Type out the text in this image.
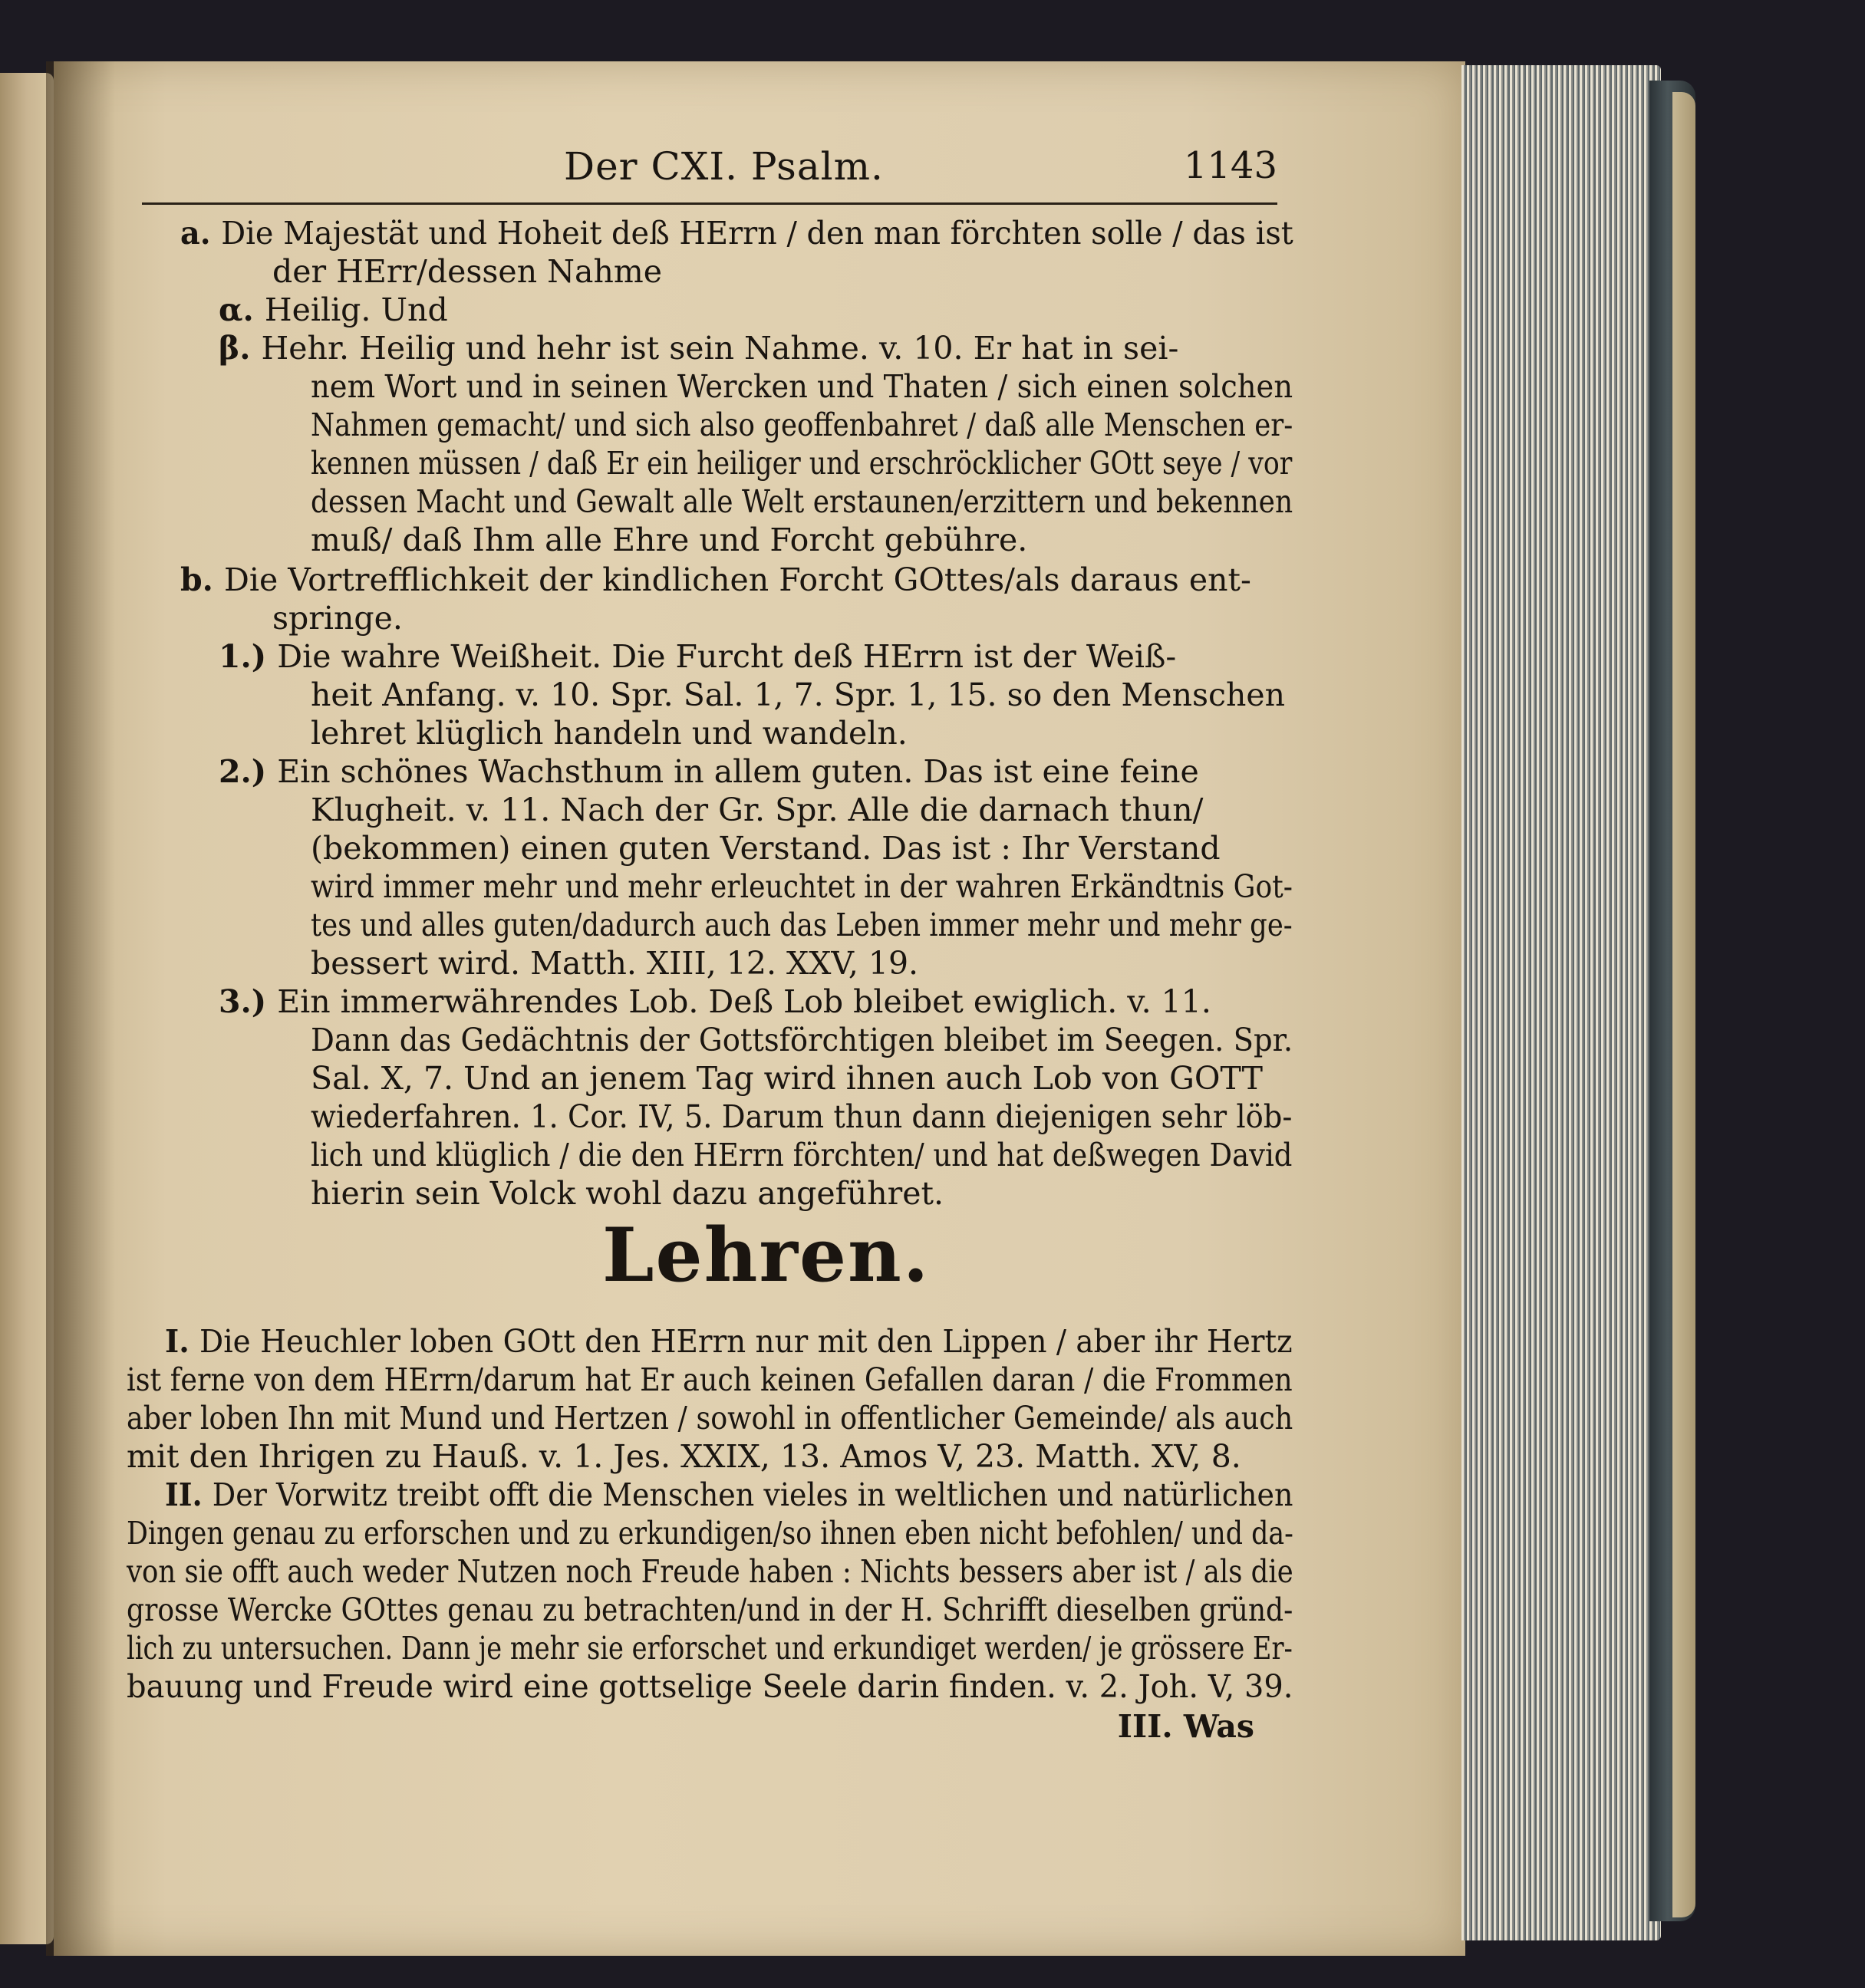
Der CXI. Psalm.	1143
a. Die Majestät und Hoheit deß HErrn / den man förchten solle / das ist
der HErr/dessen Nahme
α. Heilig. Und
β. Hehr. Heilig und hehr ist sein Nahme. v. 10. Er hat in sei-
nem Wort und in seinen Wercken und Thaten / sich einen solchen
Nahmen gemacht/ und sich also geoffenbahret / daß alle Menschen er-
kennen müssen / daß Er ein heiliger und erschröcklicher GOtt seye / vor
dessen Macht und Gewalt alle Welt erstaunen/erzittern und bekennen
muß/ daß Ihm alle Ehre und Forcht gebühre.
b. Die Vortrefflichkeit der kindlichen Forcht GOttes/als daraus ent-
springe.
1.) Die wahre Weißheit. Die Furcht deß HErrn ist der Weiß-
heit Anfang. v. 10. Spr. Sal. 1, 7. Spr. 1, 15. so den Menschen
lehret klüglich handeln und wandeln.
2.) Ein schönes Wachsthum in allem guten. Das ist eine feine
Klugheit. v. 11. Nach der Gr. Spr. Alle die darnach thun/
(bekommen) einen guten Verstand. Das ist : Ihr Verstand
wird immer mehr und mehr erleuchtet in der wahren Erkändtnis Got-
tes und alles guten/dadurch auch das Leben immer mehr und mehr ge-
bessert wird. Matth. XIII, 12. XXV, 19.
3.) Ein immerwährendes Lob. Deß Lob bleibet ewiglich. v. 11.
Dann das Gedächtnis der Gottsförchtigen bleibet im Seegen. Spr.
Sal. X, 7. Und an jenem Tag wird ihnen auch Lob von GOTT
wiederfahren. 1. Cor. IV, 5. Darum thun dann diejenigen sehr löb-
lich und klüglich / die den HErrn förchten/ und hat deßwegen David
hierin sein Volck wohl dazu angeführet.
Lehren.
I. Die Heuchler loben GOtt den HErrn nur mit den Lippen / aber ihr Hertz
ist ferne von dem HErrn/darum hat Er auch keinen Gefallen daran / die Frommen
aber loben Ihn mit Mund und Hertzen / sowohl in offentlicher Gemeinde/ als auch
mit den Ihrigen zu Hauß. v. 1. Jes. XXIX, 13. Amos V, 23. Matth. XV, 8.
II. Der Vorwitz treibt offt die Menschen vieles in weltlichen und natürlichen
Dingen genau zu erforschen und zu erkundigen/so ihnen eben nicht befohlen/ und da-
von sie offt auch weder Nutzen noch Freude haben : Nichts bessers aber ist / als die
grosse Wercke GOttes genau zu betrachten/und in der H. Schrifft dieselben gründ-
lich zu untersuchen. Dann je mehr sie erforschet und erkundiget werden/ je grössere Er-
bauung und Freude wird eine gottselige Seele darin finden. v. 2. Joh. V, 39.
III. Was
